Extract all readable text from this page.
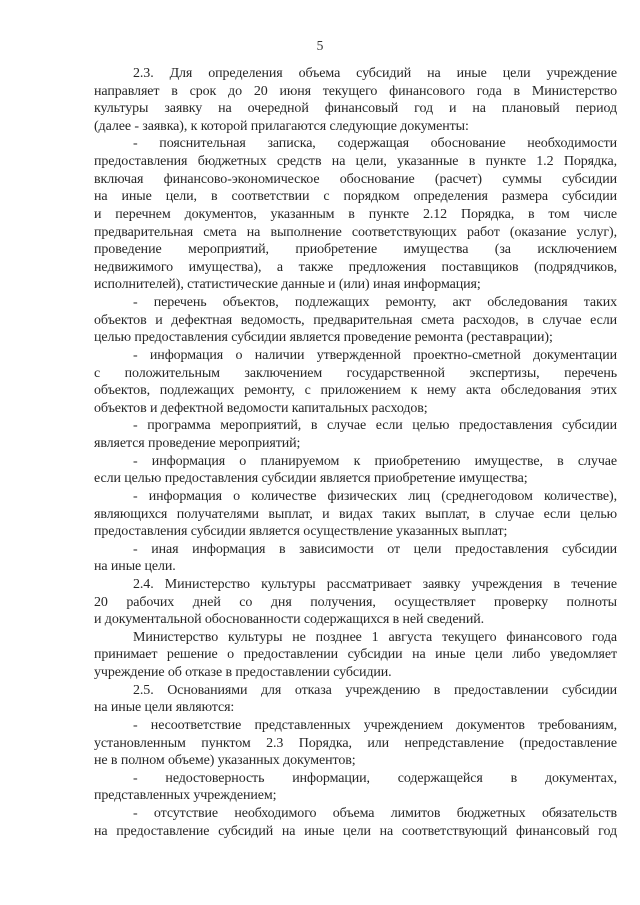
5
2.3. Для определения объема субсидий на иные цели учреждение
направляет в срок до 20 июня текущего финансового года в Министерство
культуры заявку на очередной финансовый год и на плановый период
(далее - заявка), к которой прилагаются следующие документы:
- пояснительная записка, содержащая обоснование необходимости
предоставления бюджетных средств на цели, указанные в пункте 1.2 Порядка,
включая финансово-экономическое обоснование (расчет) суммы субсидии
на иные цели, в соответствии с порядком определения размера субсидии
и перечнем документов, указанным в пункте 2.12 Порядка, в том числе
предварительная смета на выполнение соответствующих работ (оказание услуг),
проведение мероприятий, приобретение имущества (за исключением
недвижимого имущества), а также предложения поставщиков (подрядчиков,
исполнителей), статистические данные и (или) иная информация;
- перечень объектов, подлежащих ремонту, акт обследования таких
объектов и дефектная ведомость, предварительная смета расходов, в случае если
целью предоставления субсидии является проведение ремонта (реставрации);
- информация о наличии утвержденной проектно-сметной документации
с положительным заключением государственной экспертизы, перечень
объектов, подлежащих ремонту, с приложением к нему акта обследования этих
объектов и дефектной ведомости капитальных расходов;
- программа мероприятий, в случае если целью предоставления субсидии
является проведение мероприятий;
- информация о планируемом к приобретению имуществе, в случае
если целью предоставления субсидии является приобретение имущества;
- информация о количестве физических лиц (среднегодовом количестве),
являющихся получателями выплат, и видах таких выплат, в случае если целью
предоставления субсидии является осуществление указанных выплат;
- иная информация в зависимости от цели предоставления субсидии
на иные цели.
2.4. Министерство культуры рассматривает заявку учреждения в течение
20 рабочих дней со дня получения, осуществляет проверку полноты
и документальной обоснованности содержащихся в ней сведений.
Министерство культуры не позднее 1 августа текущего финансового года
принимает решение о предоставлении субсидии на иные цели либо уведомляет
учреждение об отказе в предоставлении субсидии.
2.5. Основаниями для отказа учреждению в предоставлении субсидии
на иные цели являются:
- несоответствие представленных учреждением документов требованиям,
установленным пунктом 2.3 Порядка, или непредставление (предоставление
не в полном объеме) указанных документов;
- недостоверность информации, содержащейся в документах,
представленных учреждением;
- отсутствие необходимого объема лимитов бюджетных обязательств
на предоставление субсидий на иные цели на соответствующий финансовый год
